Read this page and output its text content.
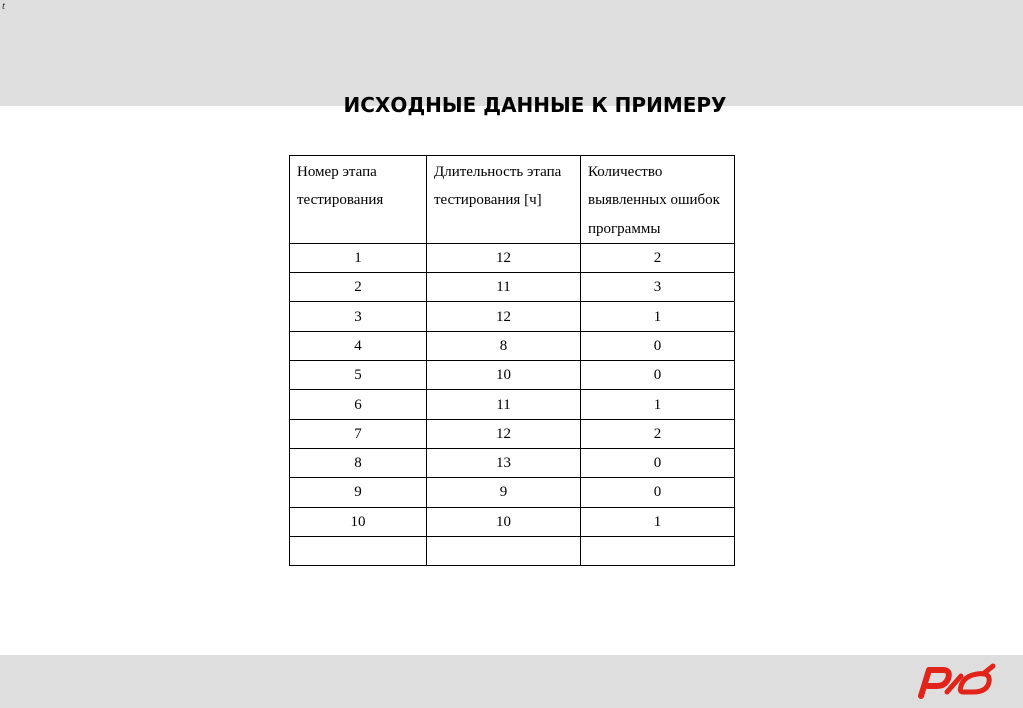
t
ИСХОДНЫЕ ДАННЫЕ К ПРИМЕРУ
Номер этапа тестирования	Длительность этапа тестирования [ч]	Количество выявленных ошибок программы
1	12	2
2	11	3
3	12	1
4	8	0
5	10	0
6	11	1
7	12	2
8	13	0
9	9	0
10	10	1
